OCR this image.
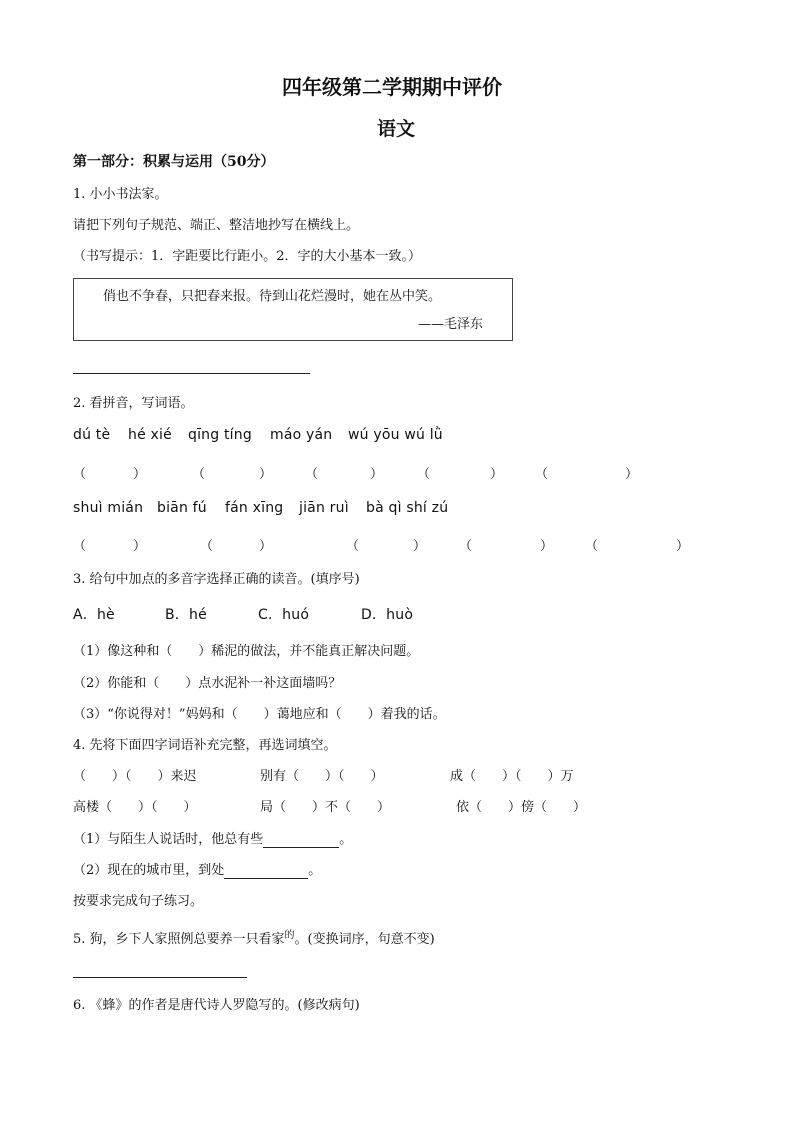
四年级第二学期期中评价
语文
第一部分：积累与运用（50分）
1. 小小书法家。
请把下列句子规范、端正、整洁地抄写在横线上。
（书写提示：1．字距要比行距小。2．字的大小基本一致。）
俏也不争春，只把春来报。待到山花烂漫时，她在丛中笑。
——毛泽东
2. 看拼音，写词语。
dú tè hé xié qīng tíng máo yán wú yōu wú lǜ
（	）	（	）	（	）	（	） （	）
shuì mián biān fú fán xīng jiān ruì bà qì shí zú
（	）	（	）	（	）	（	） （	）
3. 给句中加点的多音字选择正确的读音。(填序号)
A．hè	B．hé	C．huó	D．huò
（1）像这种和（　　）稀泥的做法，并不能真正解决问题。
（2）你能和（　　）点水泥补一补这面墙吗？
（3）“你说得对！”妈妈和（　　）蔼地应和（　　）着我的话。
4. 先将下面四字词语补充完整，再选词填空。
（　　）（　　）来迟	别有（　　）（　　）	成（　　）（　　）万
高楼（　　）（　　）	局（　　）不（　　）	依（　　）傍（　　）
（1）与陌生人说话时，他总有些	。
（2）现在的城市里，到处	。
按要求完成句子练习。
5. 狗，乡下人家照例总要养一只看家$^的$。(变换词序，句意不变)
6. 《蜂》的作者是唐代诗人罗隐写的。(修改病句)
